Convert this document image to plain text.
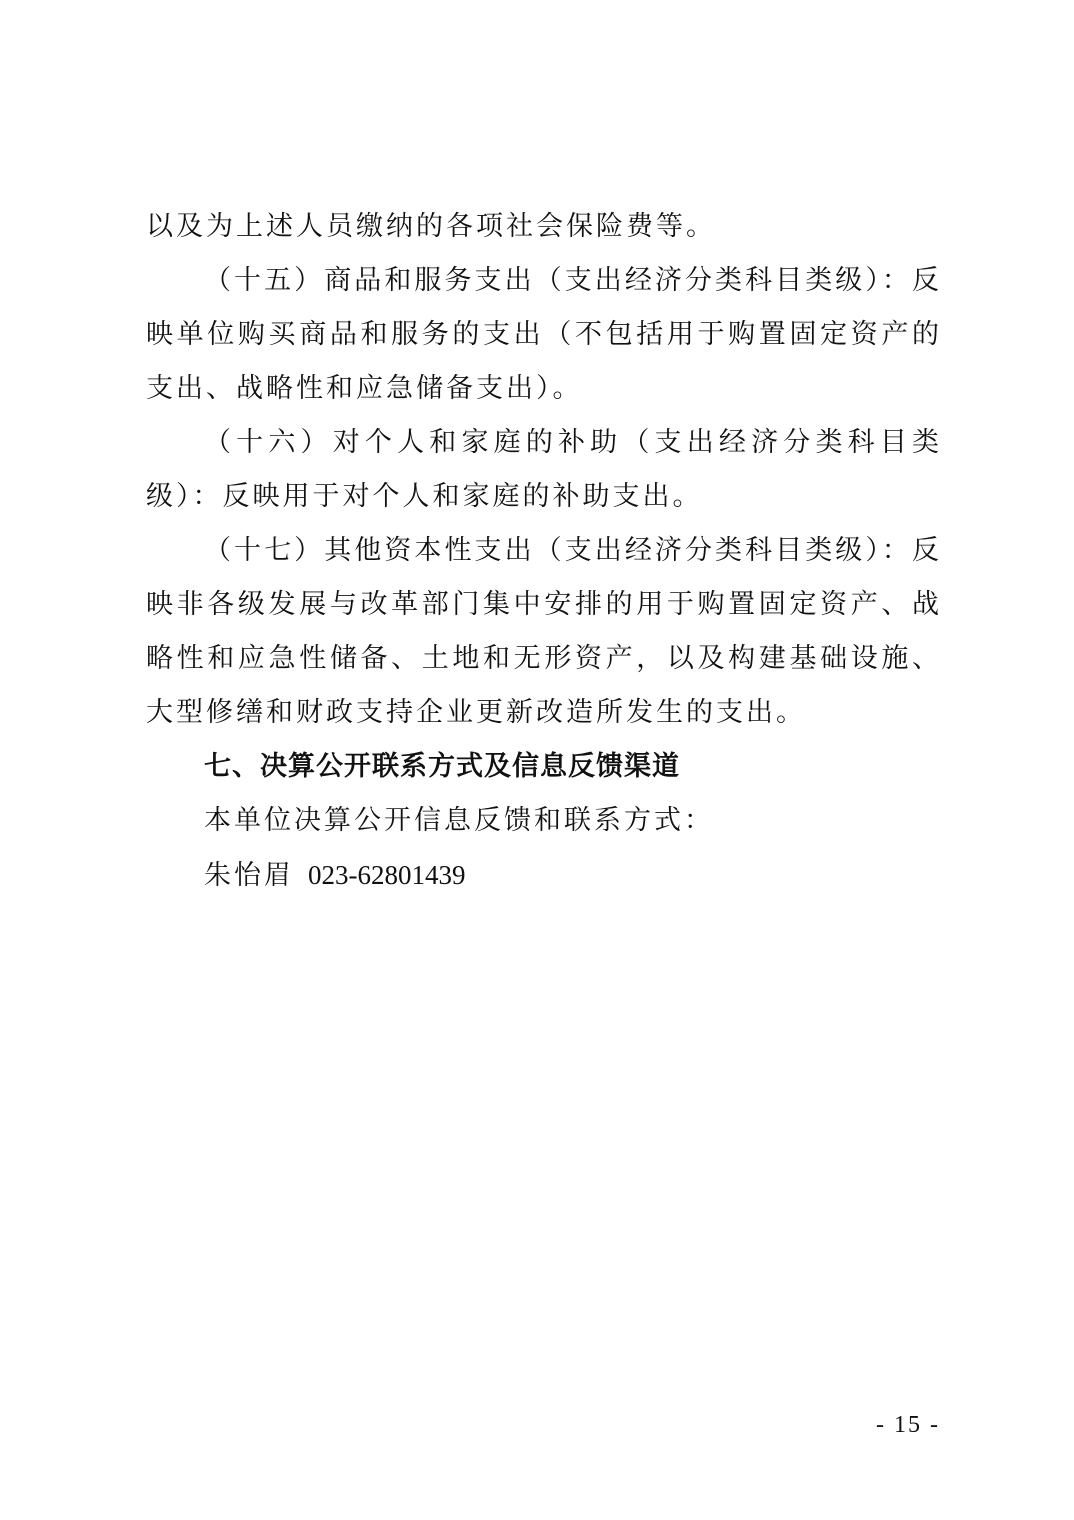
以及为上述人员缴纳的各项社会保险费等。

（十五）商品和服务支出（支出经济分类科目类级）：反映单位购买商品和服务的支出（不包括用于购置固定资产的支出、战略性和应急储备支出）。

（十六）对个人和家庭的补助（支出经济分类科目类级）：反映用于对个人和家庭的补助支出。

（十七）其他资本性支出（支出经济分类科目类级）：反映非各级发展与改革部门集中安排的用于购置固定资产、战略性和应急性储备、土地和无形资产，以及构建基础设施、大型修缮和财政支持企业更新改造所发生的支出。

七、决算公开联系方式及信息反馈渠道

本单位决算公开信息反馈和联系方式：

朱怡眉 023-62801439

- 15 -
